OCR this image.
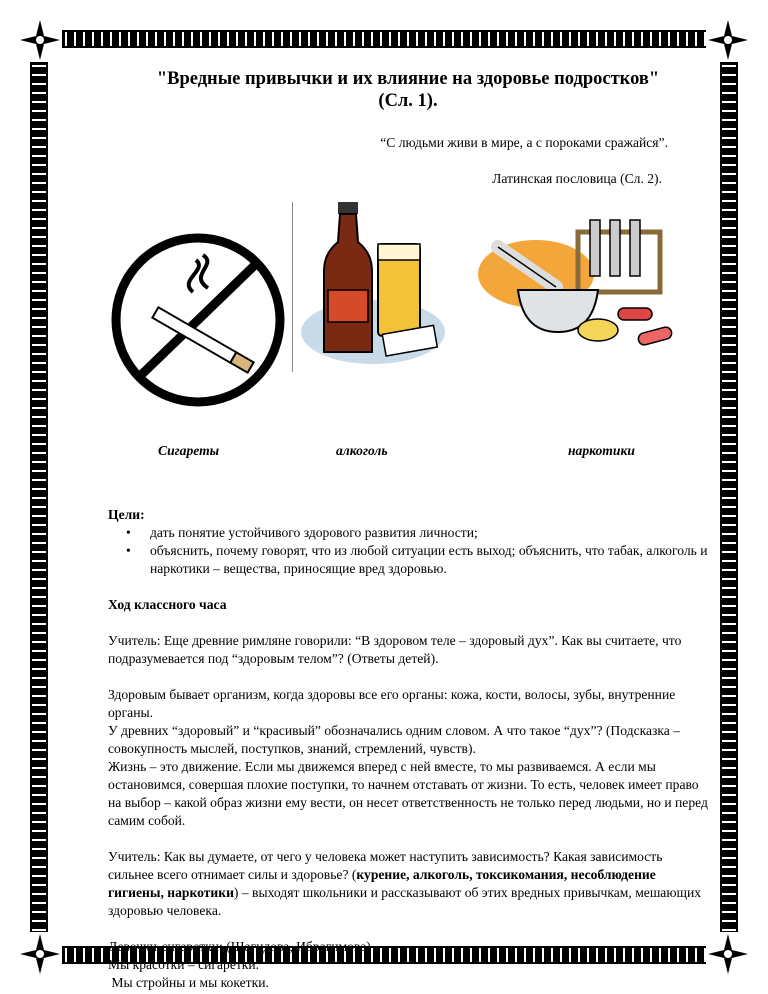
"Вредные привычки и их влияние на здоровье подростков"
(Сл. 1).
“С людьми живи в мире, а с пороками сражайся”.
Латинская пословица (Сл. 2).
Сигареты	алкоголь	наркотики
Цели:
• дать понятие устойчивого здорового развития личности;
• объяснить, почему говорят, что из любой ситуации есть выход; объяснить, что табак, алкоголь и наркотики – вещества, приносящие вред здоровью.
Ход классного часа

Учитель: Еще древние римляне говорили: “В здоровом теле – здоровый дух”. Как вы считаете, что подразумевается под “здоровым телом”? (Ответы детей).

Здоровым бывает организм, когда здоровы все его органы: кожа, кости, волосы, зубы, внутренние органы.

У древних “здоровый” и “красивый” обозначались одним словом. А что такое “дух”? (Подсказка – совокупность мыслей, поступков, знаний, стремлений, чувств).

Жизнь – это движение. Если мы движемся вперед с ней вместе, то мы развиваемся. А если мы остановимся, совершая плохие поступки, то начнем отставать от жизни. То есть, человек имеет право на выбор – какой образ жизни ему вести, он несет ответственность не только перед людьми, но и перед самим собой.

Учитель: Как вы думаете, от чего у человека может наступить зависимость? Какая зависимость сильнее всего отнимает силы и здоровье? (курение, алкоголь, токсикомания, несоблюдение гигиены, наркотики) – выходят школьники и рассказывают об этих вредных привычкам, мешающих здоровью человека.

Девочки-сигаретки: (Шагидова, Ибрагимова)

Мы красотки – сигаретки.

Мы стройны и мы кокетки.
